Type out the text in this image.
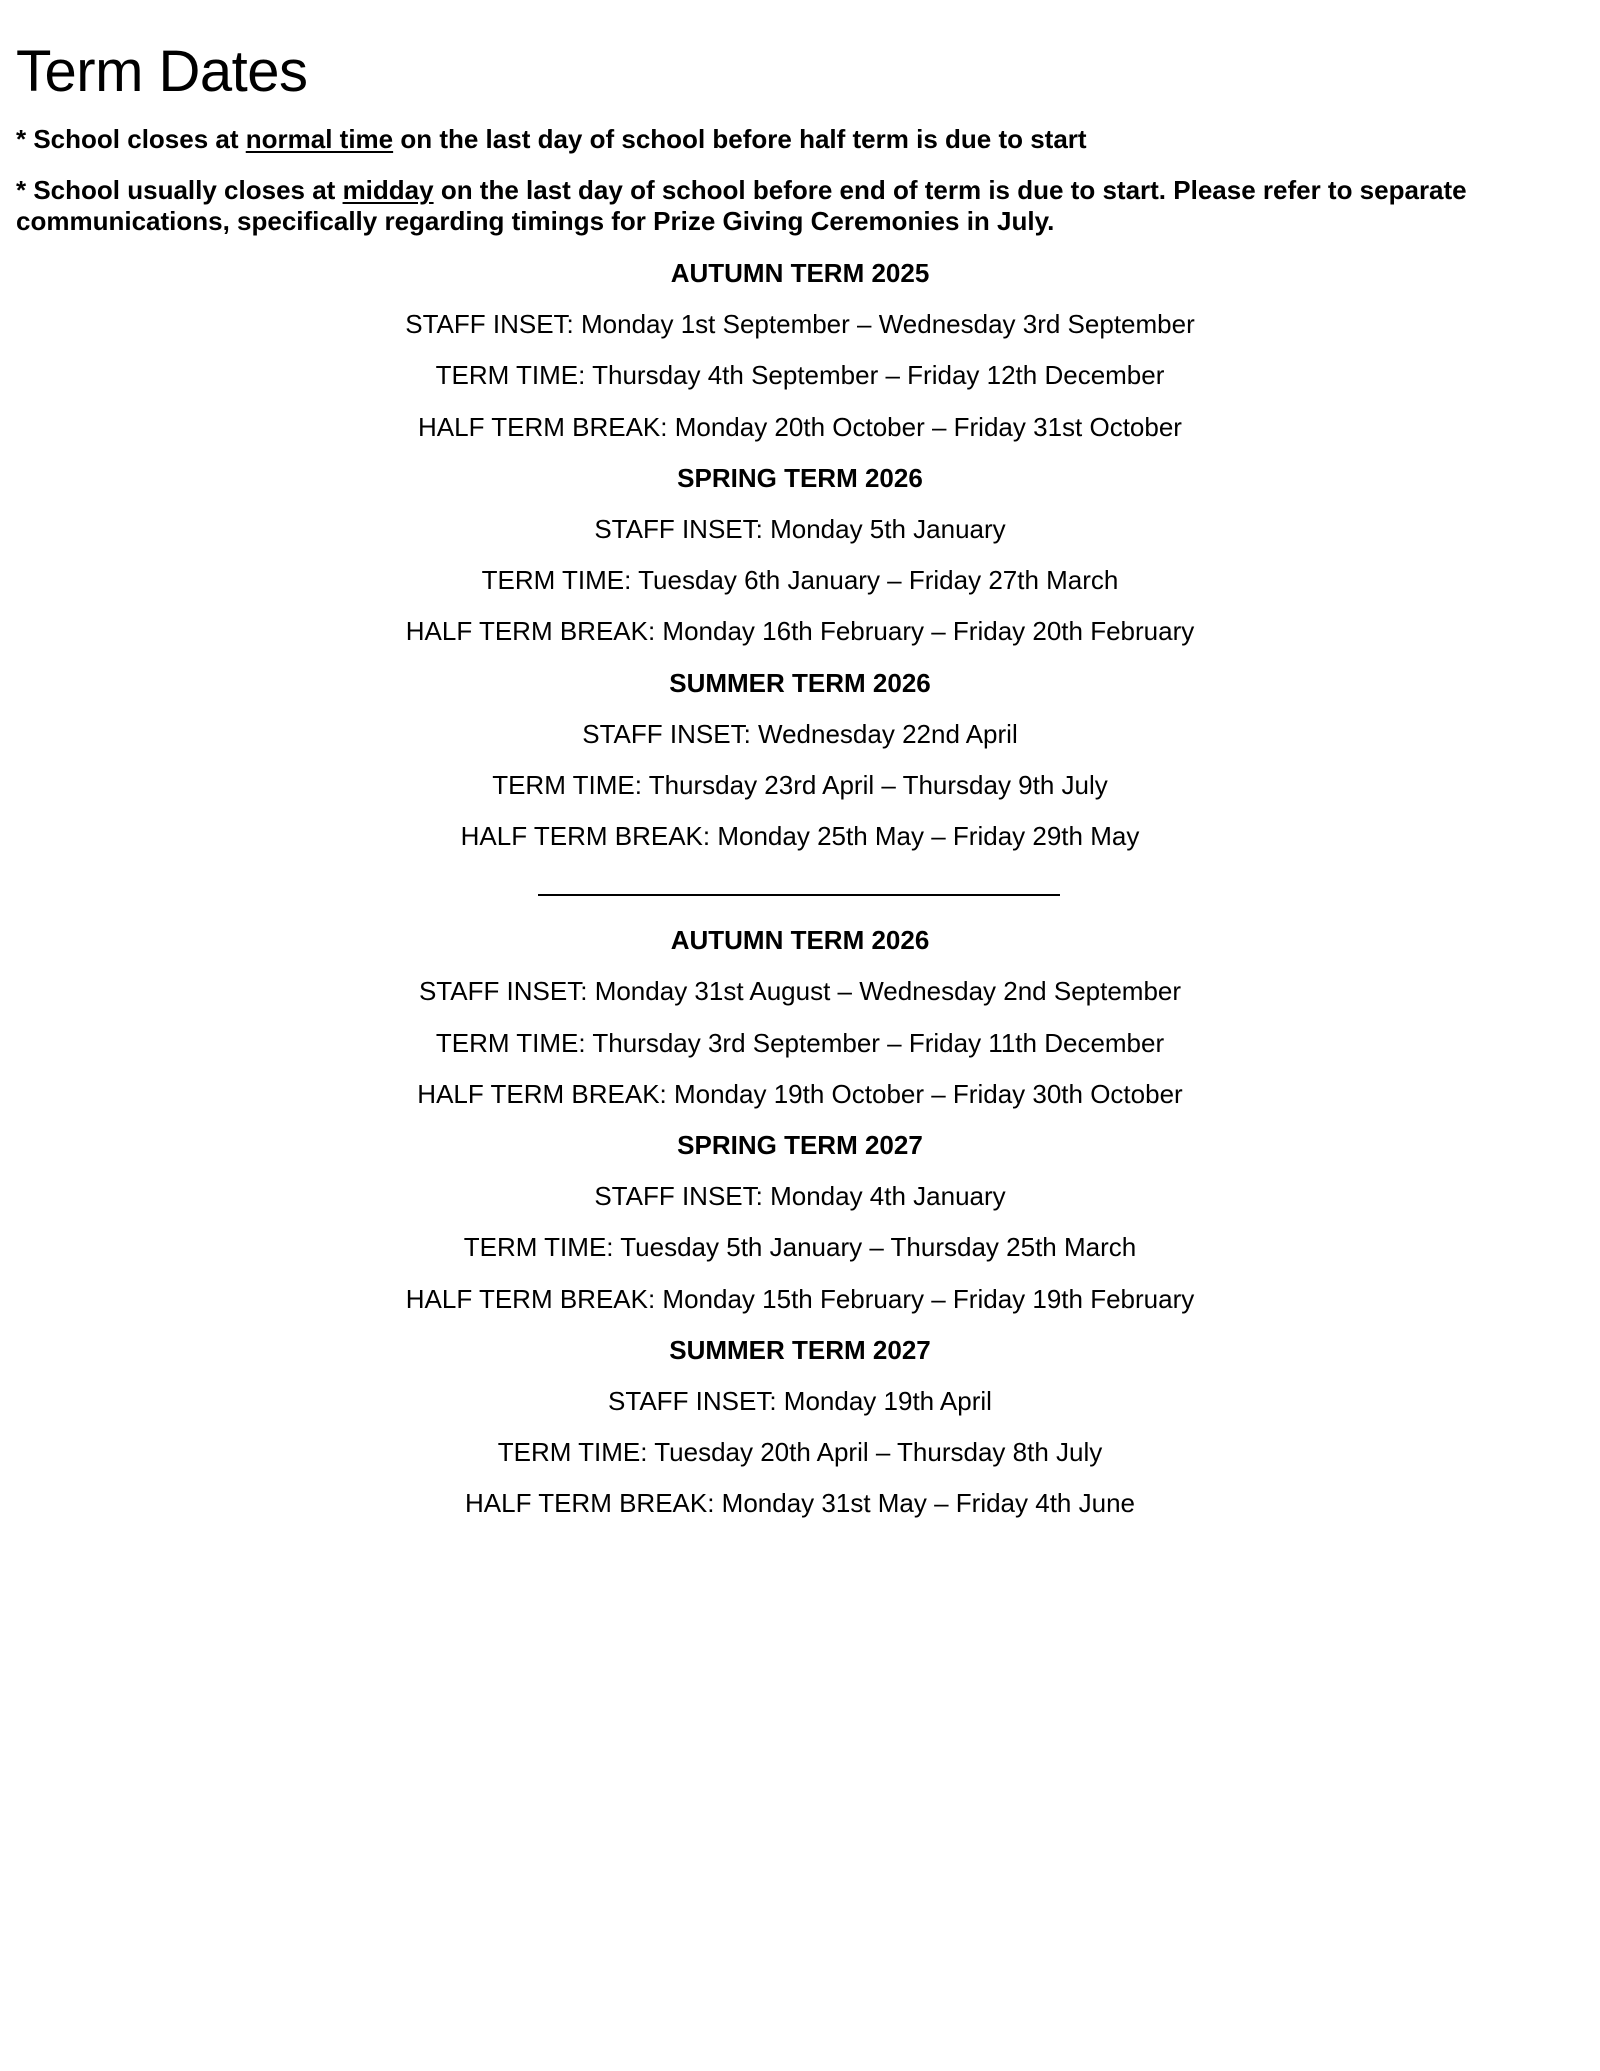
Term Dates

* School closes at normal time on the last day of school before half term is due to start

* School usually closes at midday on the last day of school before end of term is due to start. Please refer to separate communications, specifically regarding timings for Prize Giving Ceremonies in July.

AUTUMN TERM 2025

STAFF INSET: Monday 1st September – Wednesday 3rd September

TERM TIME: Thursday 4th September – Friday 12th December

HALF TERM BREAK: Monday 20th October – Friday 31st October

SPRING TERM 2026

STAFF INSET: Monday 5th January

TERM TIME: Tuesday 6th January – Friday 27th March

HALF TERM BREAK: Monday 16th February – Friday 20th February

SUMMER TERM 2026

STAFF INSET: Wednesday 22nd April

TERM TIME: Thursday 23rd April – Thursday 9th July

HALF TERM BREAK: Monday 25th May – Friday 29th May

AUTUMN TERM 2026

STAFF INSET: Monday 31st August – Wednesday 2nd September

TERM TIME: Thursday 3rd September – Friday 11th December

HALF TERM BREAK: Monday 19th October – Friday 30th October

SPRING TERM 2027

STAFF INSET: Monday 4th January

TERM TIME: Tuesday 5th January – Thursday 25th March

HALF TERM BREAK: Monday 15th February – Friday 19th February

SUMMER TERM 2027

STAFF INSET: Monday 19th April

TERM TIME: Tuesday 20th April – Thursday 8th July

HALF TERM BREAK: Monday 31st May – Friday 4th June
